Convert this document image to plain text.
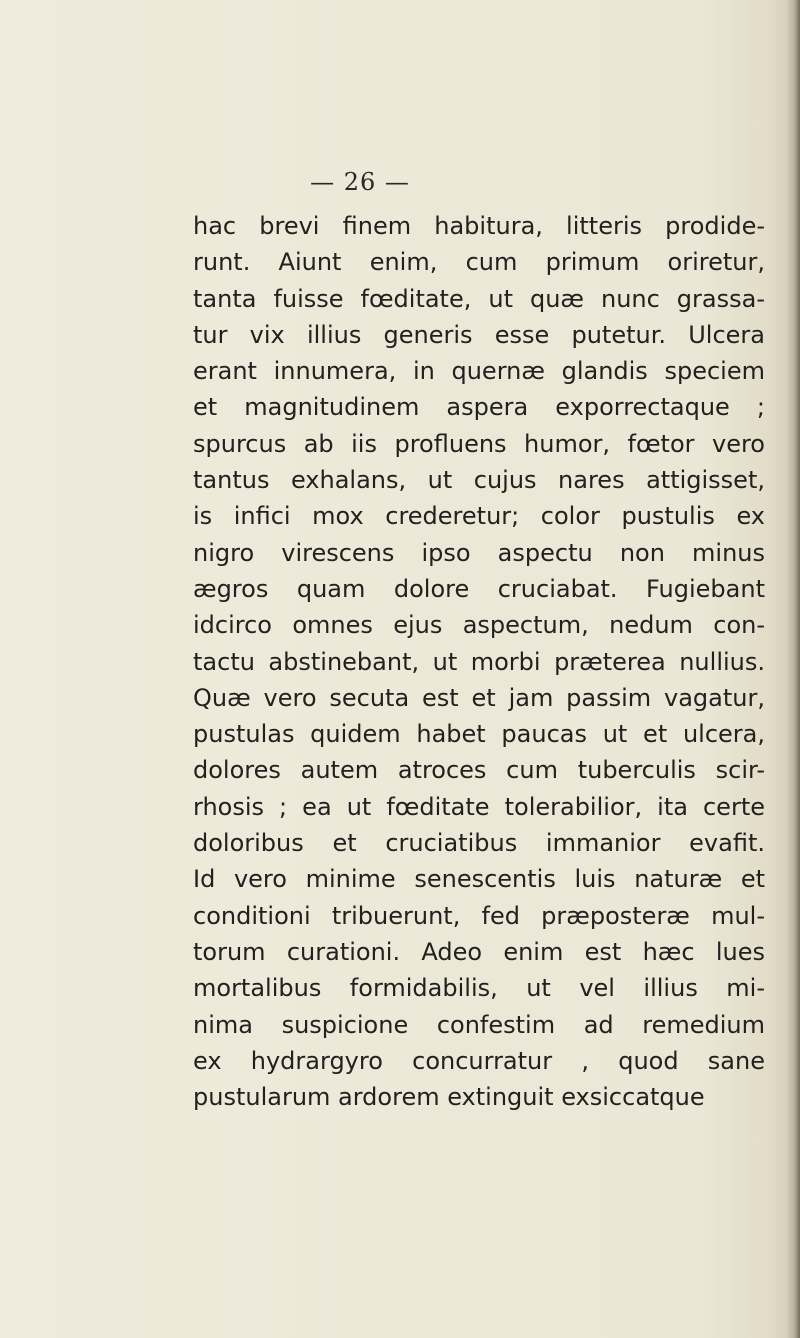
— 26 —
hac brevi finem habitura, litteris prodide-
runt. Aiunt enim, cum primum oriretur,
tanta fuisse fœditate, ut quæ nunc grassa-
tur vix illius generis esse putetur. Ulcera
erant innumera, in quernæ glandis speciem
et magnitudinem aspera exporrectaque ;
spurcus ab iis profluens humor, fœtor vero
tantus exhalans, ut cujus nares attigisset,
is infici mox crederetur; color pustulis ex
nigro virescens ipso aspectu non minus
ægros quam dolore cruciabat. Fugiebant
idcirco omnes ejus aspectum, nedum con-
tactu abstinebant, ut morbi præterea nullius.
Quæ vero secuta est et jam passim vagatur,
pustulas quidem habet paucas ut et ulcera,
dolores autem atroces cum tuberculis scir-
rhosis ; ea ut fœditate tolerabilior, ita certe
doloribus et cruciatibus immanior evafit.
Id vero minime senescentis luis naturæ et
conditioni tribuerunt, fed præposteræ mul-
torum curationi. Adeo enim est hæc lues
mortalibus formidabilis, ut vel illius mi-
nima suspicione confestim ad remedium
ex hydrargyro concurratur , quod sane
pustularum ardorem extinguit exsiccatque
